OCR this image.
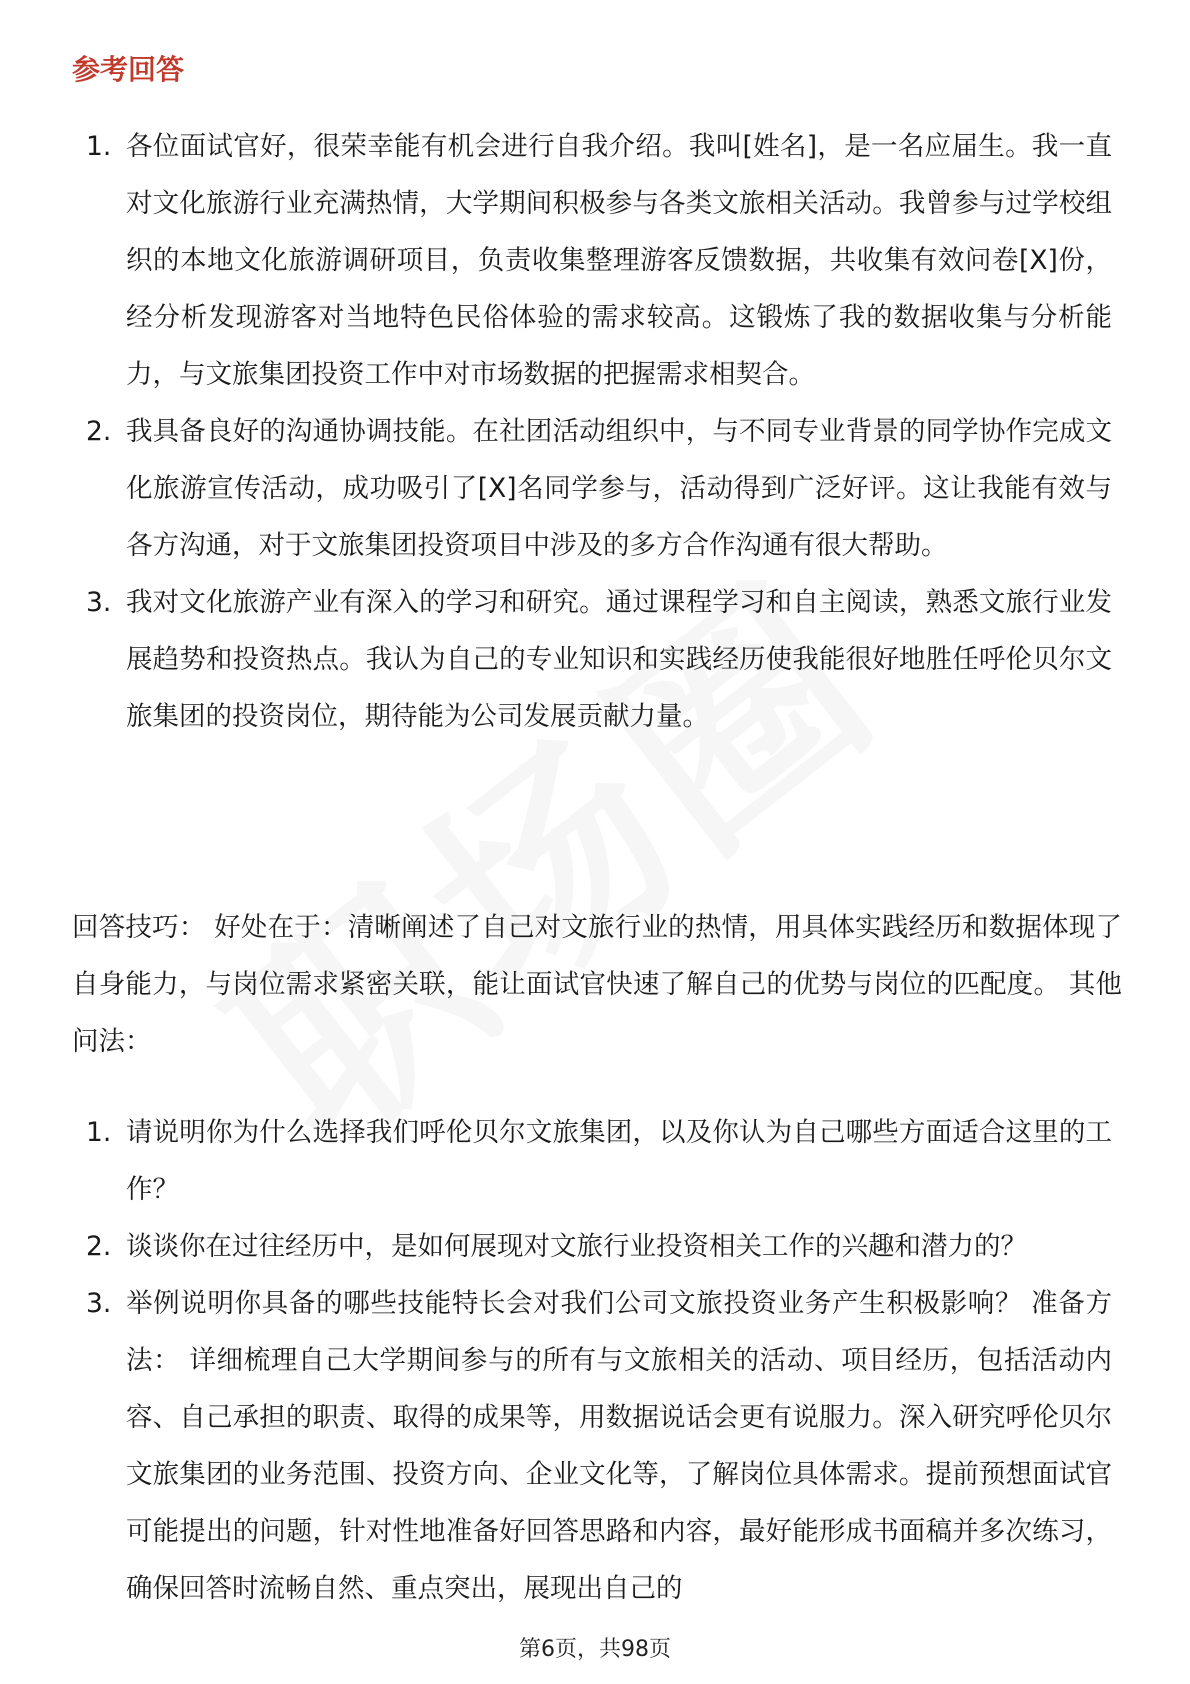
参考回答
1. 各位面试官好，很荣幸能有机会进行自我介绍。我叫[姓名]，是一名应届生。我一直对文化旅游行业充满热情，大学期间积极参与各类文旅相关活动。我曾参与过学校组织的本地文化旅游调研项目，负责收集整理游客反馈数据，共收集有效问卷[X]份，经分析发现游客对当地特色民俗体验的需求较高。这锻炼了我的数据收集与分析能力，与文旅集团投资工作中对市场数据的把握需求相契合。
2. 我具备良好的沟通协调技能。在社团活动组织中，与不同专业背景的同学协作完成文化旅游宣传活动，成功吸引了[X]名同学参与，活动得到广泛好评。这让我能有效与各方沟通，对于文旅集团投资项目中涉及的多方合作沟通有很大帮助。
3. 我对文化旅游产业有深入的学习和研究。通过课程学习和自主阅读，熟悉文旅行业发展趋势和投资热点。我认为自己的专业知识和实践经历使我能很好地胜任呼伦贝尔文旅集团的投资岗位，期待能为公司发展贡献力量。

回答技巧： 好处在于：清晰阐述了自己对文旅行业的热情，用具体实践经历和数据体现了自身能力，与岗位需求紧密关联，能让面试官快速了解自己的优势与岗位的匹配度。 其他问法：

1. 请说明你为什么选择我们呼伦贝尔文旅集团，以及你认为自己哪些方面适合这里的工作？
2. 谈谈你在过往经历中，是如何展现对文旅行业投资相关工作的兴趣和潜力的？
3. 举例说明你具备的哪些技能特长会对我们公司文旅投资业务产生积极影响？ 准备方法： 详细梳理自己大学期间参与的所有与文旅相关的活动、项目经历，包括活动内容、自己承担的职责、取得的成果等，用数据说话会更有说服力。深入研究呼伦贝尔文旅集团的业务范围、投资方向、企业文化等，了解岗位具体需求。提前预想面试官可能提出的问题，针对性地准备好回答思路和内容，最好能形成书面稿并多次练习，确保回答时流畅自然、重点突出，展现出自己的
第6页，共98页
